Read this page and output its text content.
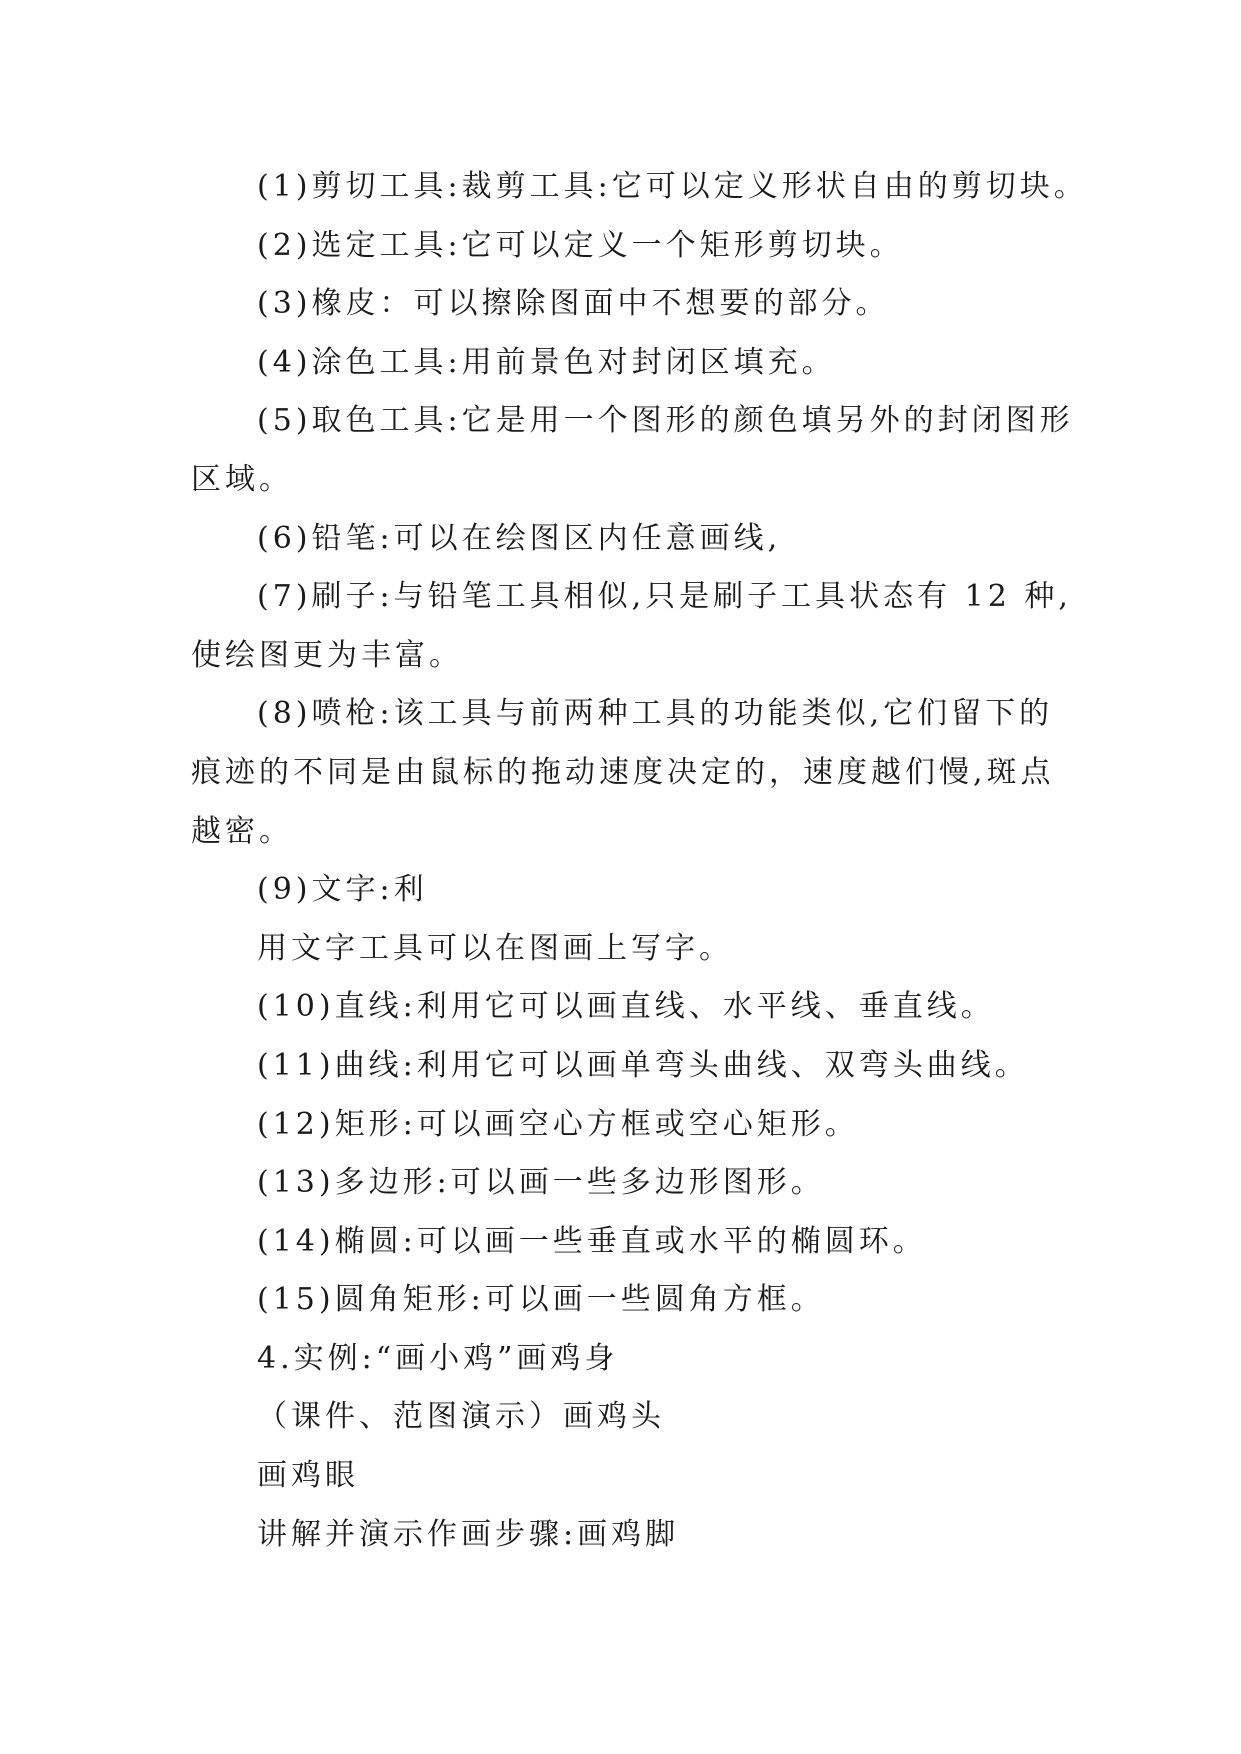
(1)剪切工具:裁剪工具:它可以定义形状自由的剪切块。

(2)选定工具:它可以定义一个矩形剪切块。

(3)橡皮：可以擦除图面中不想要的部分。

(4)涂色工具:用前景色对封闭区填充。

(5)取色工具:它是用一个图形的颜色填另外的封闭图形

区域。

(6)铅笔:可以在绘图区内任意画线,

(7)刷子:与铅笔工具相似,只是刷子工具状态有 12 种,

使绘图更为丰富。

(8)喷枪:该工具与前两种工具的功能类似,它们留下的

痕迹的不同是由鼠标的拖动速度决定的，速度越们慢,斑点

越密。

(9)文字:利

用文字工具可以在图画上写字。

(10)直线:利用它可以画直线、水平线、垂直线。

(11)曲线:利用它可以画单弯头曲线、双弯头曲线。

(12)矩形:可以画空心方框或空心矩形。

(13)多边形:可以画一些多边形图形。

(14)椭圆:可以画一些垂直或水平的椭圆环。

(15)圆角矩形:可以画一些圆角方框。

4.实例:“画小鸡”画鸡身

（课件、范图演示）画鸡头

画鸡眼

讲解并演示作画步骤:画鸡脚
